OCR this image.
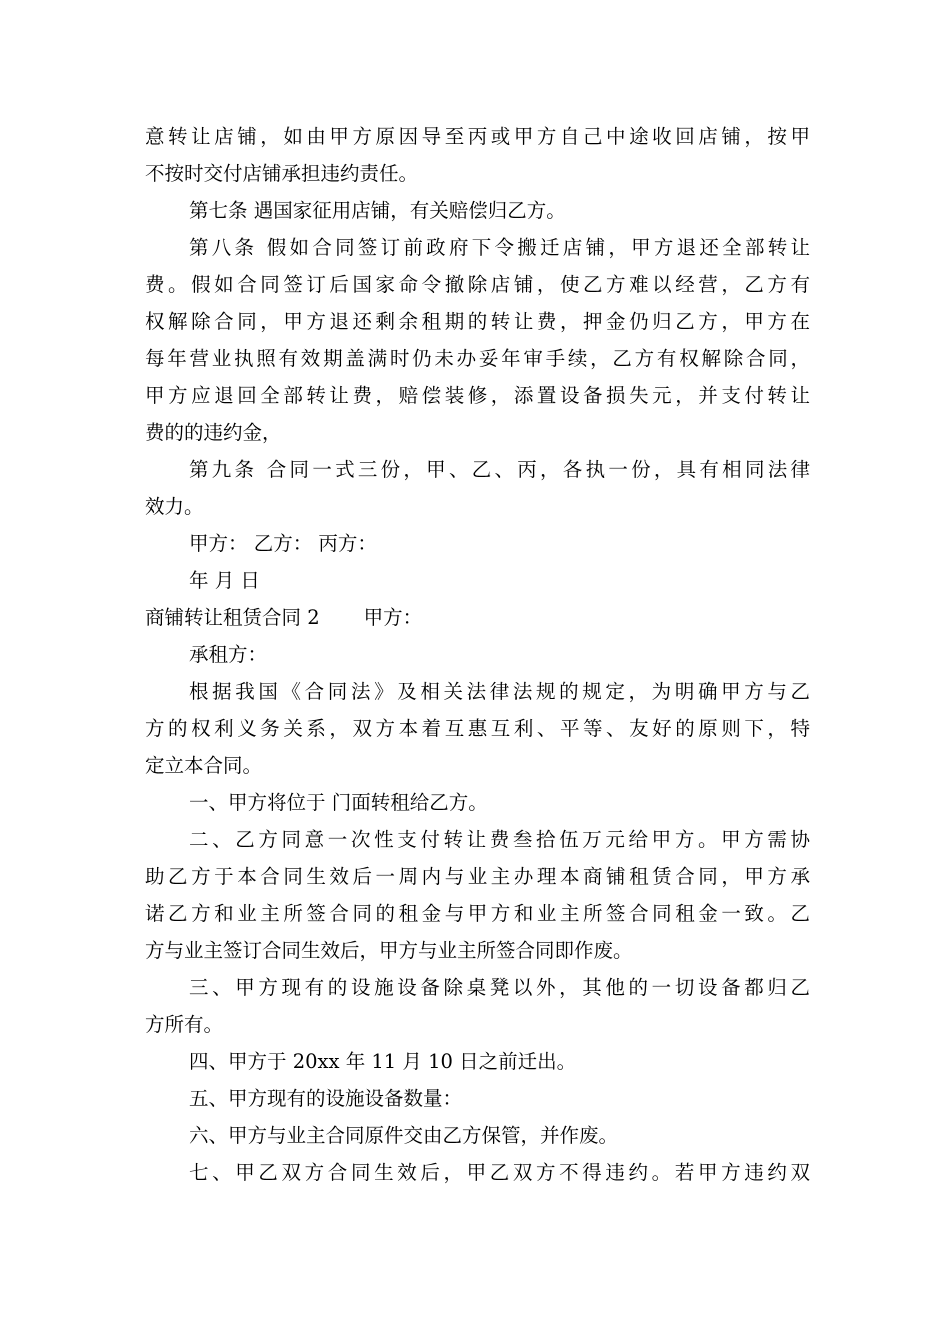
意转让店铺，如由甲方原因导至丙或甲方自己中途收回店铺，按甲
不按时交付店铺承担违约责任。
第七条 遇国家征用店铺，有关赔偿归乙方。
第八条 假如合同签订前政府下令搬迁店铺，甲方退还全部转让
费。假如合同签订后国家命令撤除店铺，使乙方难以经营，乙方有
权解除合同，甲方退还剩余租期的转让费，押金仍归乙方，甲方在
每年营业执照有效期盖满时仍未办妥年审手续，乙方有权解除合同，
甲方应退回全部转让费，赔偿装修，添置设备损失元，并支付转让
费的的违约金，
第九条 合同一式三份，甲、乙、丙，各执一份，具有相同法律
效力。
甲方： 乙方： 丙方：
年 月 日
商铺转让租赁合同 2 甲方：
承租方：
根据我国《合同法》及相关法律法规的规定，为明确甲方与乙
方的权利义务关系，双方本着互惠互利、平等、友好的原则下，特
定立本合同。
一、甲方将位于 门面转租给乙方。
二、乙方同意一次性支付转让费叁拾伍万元给甲方。甲方需协
助乙方于本合同生效后一周内与业主办理本商铺租赁合同，甲方承
诺乙方和业主所签合同的租金与甲方和业主所签合同租金一致。乙
方与业主签订合同生效后，甲方与业主所签合同即作废。
三、甲方现有的设施设备除桌凳以外，其他的一切设备都归乙
方所有。
四、甲方于 20xx 年 11 月 10 日之前迁出。
五、甲方现有的设施设备数量：
六、甲方与业主合同原件交由乙方保管，并作废。
七、甲乙双方合同生效后，甲乙双方不得违约。若甲方违约双
